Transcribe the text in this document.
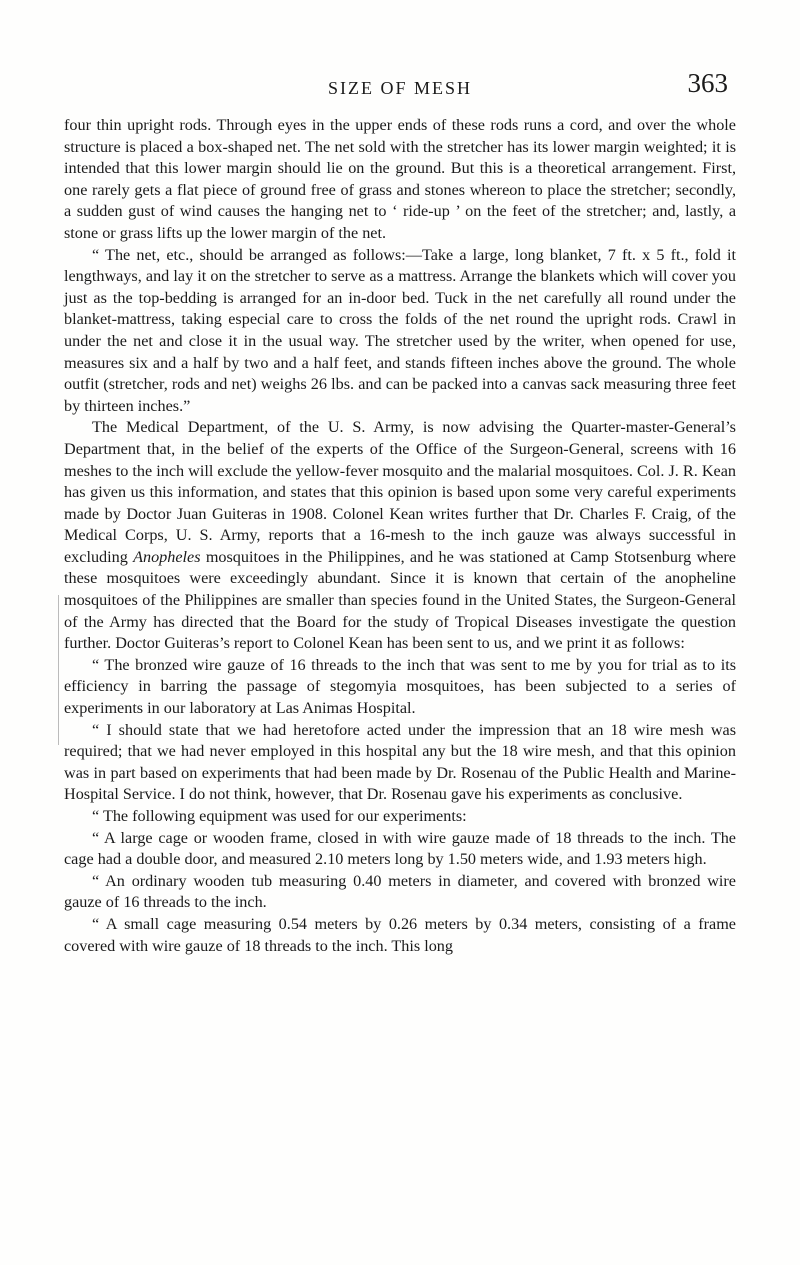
SIZE OF MESH	363

four thin upright rods. Through eyes in the upper ends of these rods runs a cord, and over the whole structure is placed a box-shaped net. The net sold with the stretcher has its lower margin weighted; it is intended that this lower margin should lie on the ground. But this is a theoretical arrangement. First, one rarely gets a flat piece of ground free of grass and stones whereon to place the stretcher; secondly, a sudden gust of wind causes the hanging net to ‘ ride-up ’ on the feet of the stretcher; and, lastly, a stone or grass lifts up the lower margin of the net.

“ The net, etc., should be arranged as follows:—Take a large, long blanket, 7 ft. x 5 ft., fold it lengthways, and lay it on the stretcher to serve as a mattress. Arrange the blankets which will cover you just as the top-bedding is arranged for an in-door bed. Tuck in the net carefully all round under the blanket-mattress, taking especial care to cross the folds of the net round the upright rods. Crawl in under the net and close it in the usual way. The stretcher used by the writer, when opened for use, measures six and a half by two and a half feet, and stands fifteen inches above the ground. The whole outfit (stretcher, rods and net) weighs 26 lbs. and can be packed into a canvas sack measuring three feet by thirteen inches.”

The Medical Department, of the U. S. Army, is now advising the Quarter-master-General’s Department that, in the belief of the experts of the Office of the Surgeon-General, screens with 16 meshes to the inch will exclude the yellow-fever mosquito and the malarial mosquitoes. Col. J. R. Kean has given us this information, and states that this opinion is based upon some very careful experiments made by Doctor Juan Guiteras in 1908. Colonel Kean writes further that Dr. Charles F. Craig, of the Medical Corps, U. S. Army, reports that a 16-mesh to the inch gauze was always successful in excluding Anopheles mosquitoes in the Philippines, and he was stationed at Camp Stotsenburg where these mosquitoes were exceedingly abundant. Since it is known that certain of the anopheline mosquitoes of the Philippines are smaller than species found in the United States, the Surgeon-General of the Army has directed that the Board for the study of Tropical Diseases investigate the question further. Doctor Guiteras’s report to Colonel Kean has been sent to us, and we print it as follows:

“ The bronzed wire gauze of 16 threads to the inch that was sent to me by you for trial as to its efficiency in barring the passage of stegomyia mosquitoes, has been subjected to a series of experiments in our laboratory at Las Animas Hospital.

“ I should state that we had heretofore acted under the impression that an 18 wire mesh was required; that we had never employed in this hospital any but the 18 wire mesh, and that this opinion was in part based on experiments that had been made by Dr. Rosenau of the Public Health and Marine-Hospital Service. I do not think, however, that Dr. Rosenau gave his experiments as conclusive.

“ The following equipment was used for our experiments:

“ A large cage or wooden frame, closed in with wire gauze made of 18 threads to the inch. The cage had a double door, and measured 2.10 meters long by 1.50 meters wide, and 1.93 meters high.

“ An ordinary wooden tub measuring 0.40 meters in diameter, and covered with bronzed wire gauze of 16 threads to the inch.

“ A small cage measuring 0.54 meters by 0.26 meters by 0.34 meters, consisting of a frame covered with wire gauze of 18 threads to the inch. This long
